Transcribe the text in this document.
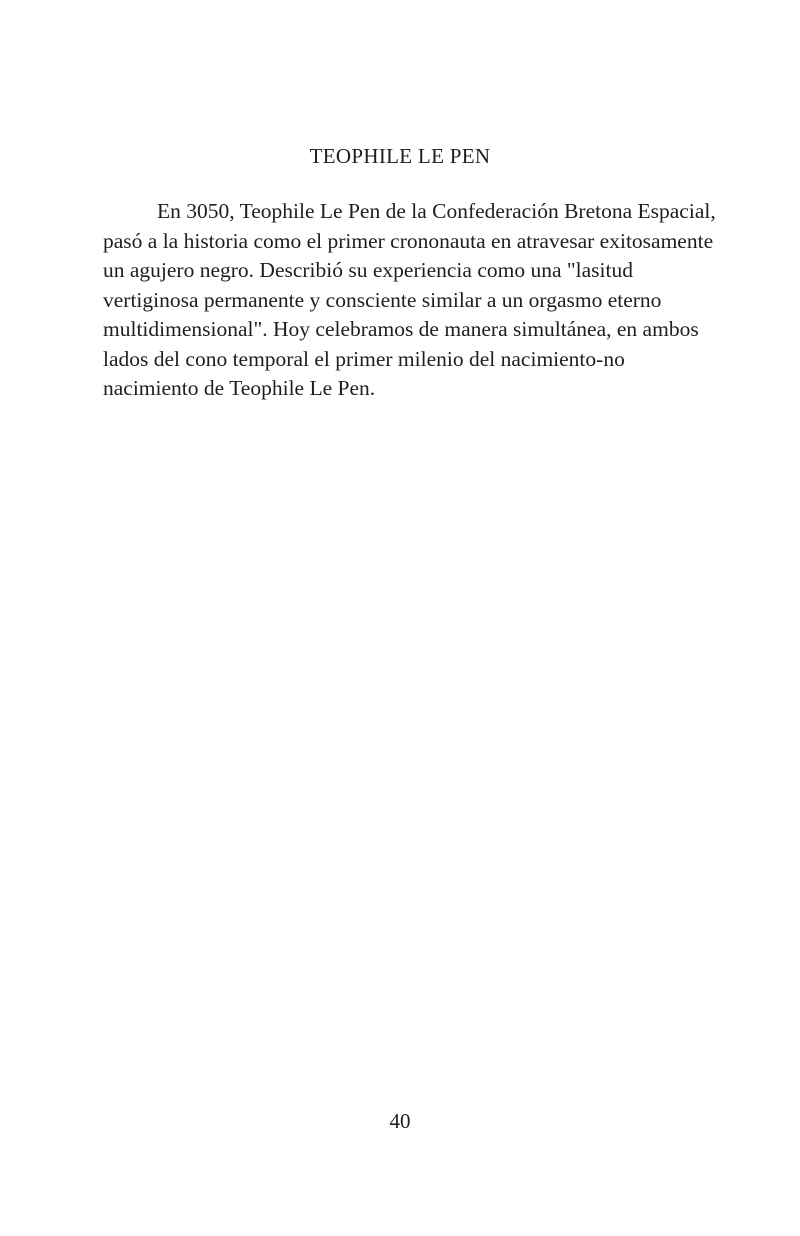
TEOPHILE LE PEN
En 3050, Teophile Le Pen de la Confederación Bretona Espacial,
pasó a la historia como el primer crononauta en atravesar exitosamente
un agujero negro. Describió su experiencia como una "lasitud
vertiginosa permanente y consciente similar a un orgasmo eterno
multidimensional". Hoy celebramos de manera simultánea, en ambos
lados del cono temporal el primer milenio del nacimiento-no
nacimiento de Teophile Le Pen.
40
